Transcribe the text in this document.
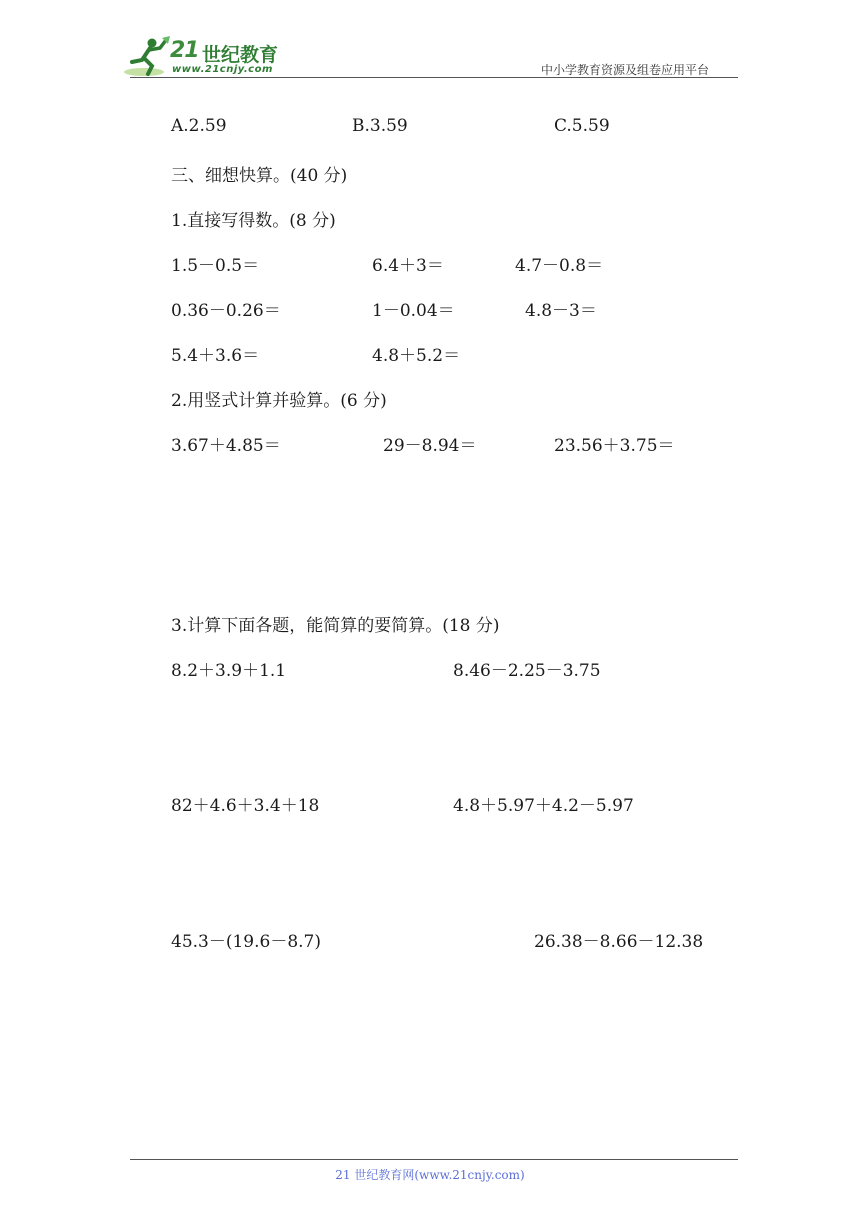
21 世纪教育
www.21cnjy.com	中小学教育资源及组卷应用平台
A.2.59	B.3.59	C.5.59
三、细想快算。(40 分)
1.直接写得数。(8 分)
1.5－0.5＝	6.4＋3＝	4.7－0.8＝
0.36－0.26＝	1－0.04＝	4.8－3＝
5.4＋3.6＝	4.8＋5.2＝
2.用竖式计算并验算。(6 分)
3.67＋4.85＝	29－8.94＝	23.56＋3.75＝
3.计算下面各题，能简算的要简算。(18 分)
8.2＋3.9＋1.1	8.46－2.25－3.75
82＋4.6＋3.4＋18	4.8＋5.97＋4.2－5.97
45.3－(19.6－8.7)	26.38－8.66－12.38
21 世纪教育网(www.21cnjy.com)
